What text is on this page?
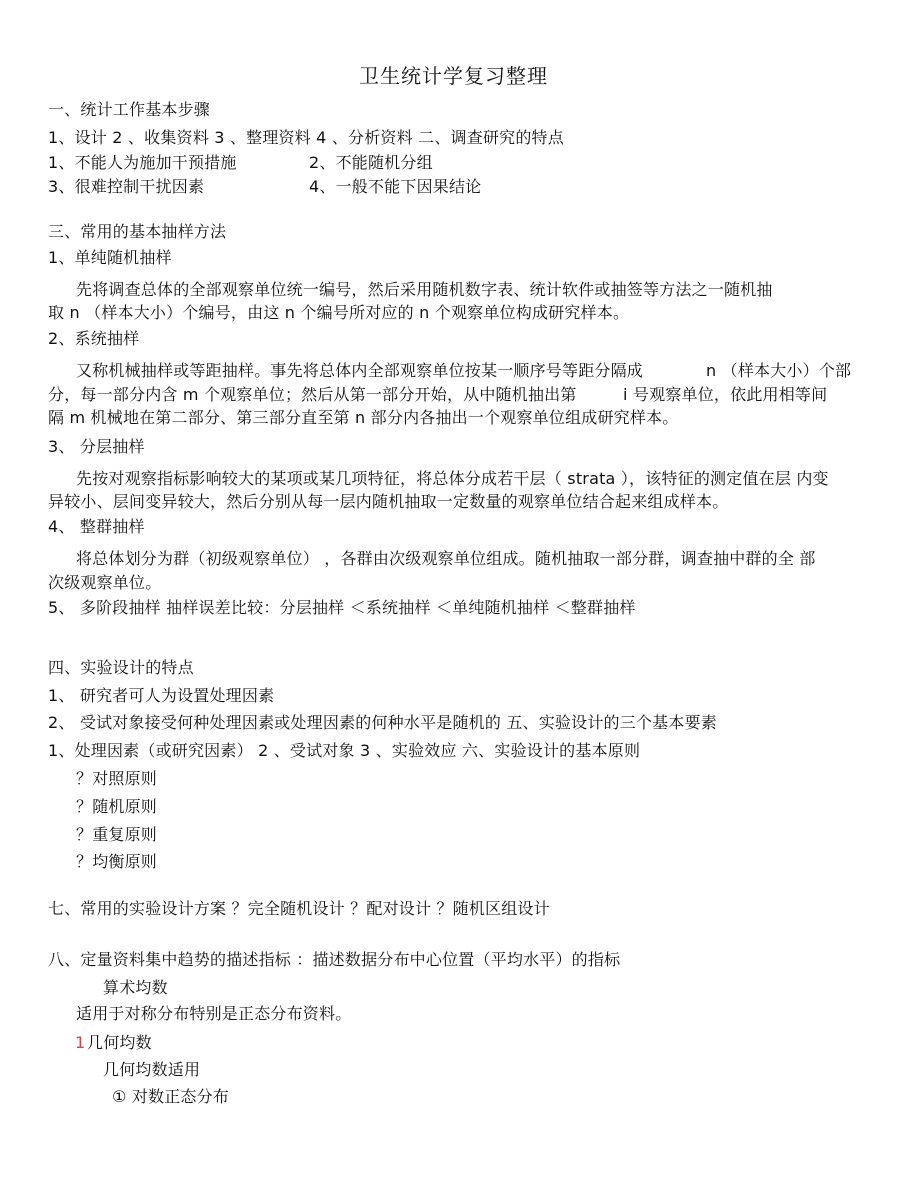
卫生统计学复习整理
一、统计工作基本步骤
1、设计 2 、收集资料 3 、整理资料 4 、分析资料 二、调查研究的特点
1、不能人为施加干预措施	2、不能随机分组
3、很难控制干扰因素	4、一般不能下因果结论
三、常用的基本抽样方法
1、单纯随机抽样
先将调查总体的全部观察单位统一编号，然后采用随机数字表、统计软件或抽签等方法之一随机抽
取 n （样本大小）个编号，由这 n 个编号所对应的 n 个观察单位构成研究样本。
2、系统抽样
又称机械抽样或等距抽样。事先将总体内全部观察单位按某一顺序号等距分隔成	n （样本大小）个部
分，每一部分内含 m 个观察单位；然后从第一部分开始，从中随机抽出第	i 号观察单位，依此用相等间
隔 m 机械地在第二部分、第三部分直至第 n 部分内各抽出一个观察单位组成研究样本。
3、 分层抽样
先按对观察指标影响较大的某项或某几项特征，将总体分成若干层（ strata ），该特征的测定值在层 内变
异较小、层间变异较大，然后分别从每一层内随机抽取一定数量的观察单位结合起来组成样本。
4、 整群抽样
将总体划分为群（初级观察单位） ，各群由次级观察单位组成。随机抽取一部分群，调查抽中群的全 部
次级观察单位。
5、 多阶段抽样 抽样误差比较：分层抽样 ＜系统抽样 ＜单纯随机抽样 ＜整群抽样
四、实验设计的特点
1、 研究者可人为设置处理因素
2、 受试对象接受何种处理因素或处理因素的何种水平是随机的 五、实验设计的三个基本要素
1、处理因素（或研究因素） 2 、受试对象 3 、实验效应 六、实验设计的基本原则
？对照原则
？随机原则
？重复原则
？均衡原则
七、常用的实验设计方案 ？完全随机设计 ？配对设计 ？随机区组设计
八、定量资料集中趋势的描述指标 ：描述数据分布中心位置（平均水平）的指标
算术均数
适用于对称分布特别是正态分布资料。
1 几何均数
几何均数适用
① 对数正态分布
